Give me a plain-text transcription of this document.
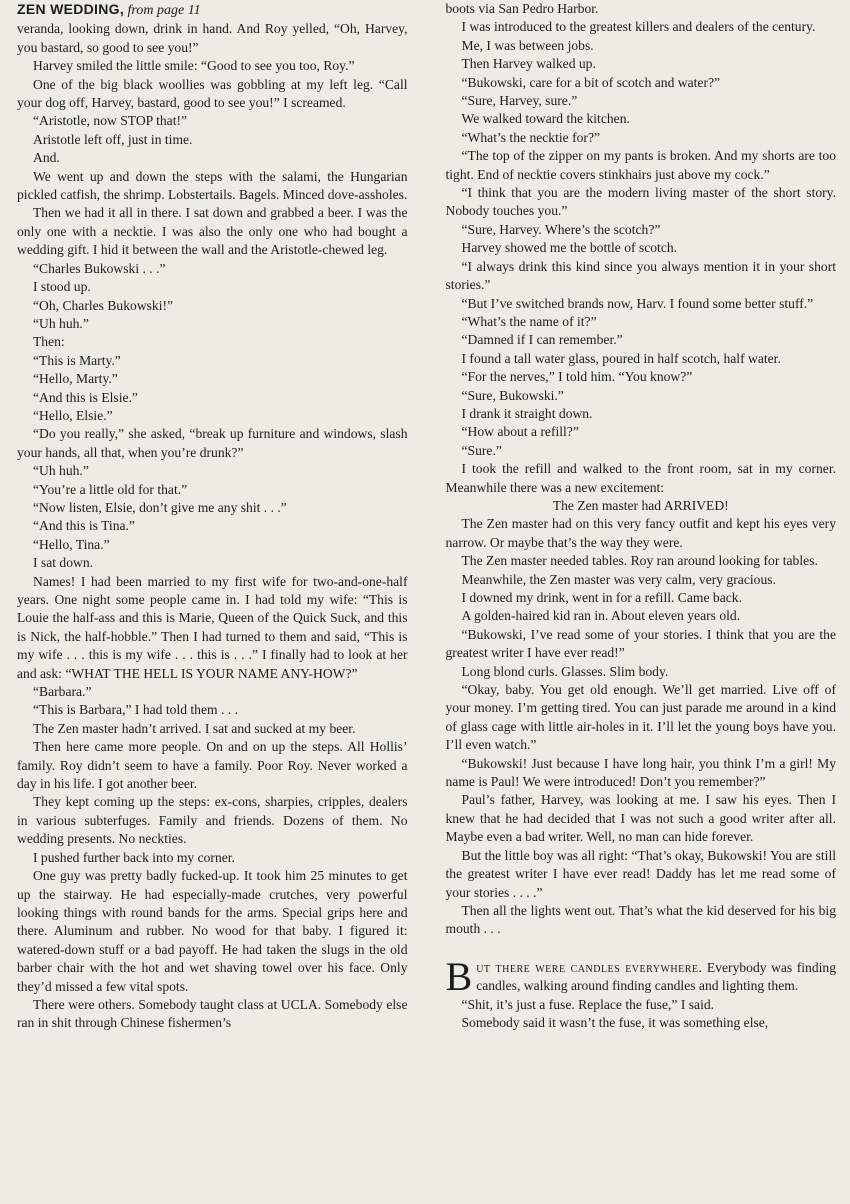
ZEN WEDDING, from page 11

veranda, looking down, drink in hand. And Roy yelled, “Oh, Harvey, you bastard, so good to see you!”

Harvey smiled the little smile: “Good to see you too, Roy.”

One of the big black woollies was gobbling at my left leg. “Call your dog off, Harvey, bastard, good to see you!” I screamed.

“Aristotle, now STOP that!”

Aristotle left off, just in time.

And.

We went up and down the steps with the salami, the Hungarian pickled catfish, the shrimp. Lobstertails. Bagels. Minced dove-assholes.

Then we had it all in there. I sat down and grabbed a beer. I was the only one with a necktie. I was also the only one who had bought a wedding gift. I hid it between the wall and the Aristotle-chewed leg.

“Charles Bukowski . . .”

I stood up.

“Oh, Charles Bukowski!”

“Uh huh.”

Then:

“This is Marty.”

“Hello, Marty.”

“And this is Elsie.”

“Hello, Elsie.”

“Do you really,” she asked, “break up furniture and windows, slash your hands, all that, when you’re drunk?”

“Uh huh.”

“You’re a little old for that.”

“Now listen, Elsie, don’t give me any shit . . .”

“And this is Tina.”

“Hello, Tina.”

I sat down.

Names! I had been married to my first wife for two-and-one-half years. One night some people came in. I had told my wife: “This is Louie the half-ass and this is Marie, Queen of the Quick Suck, and this is Nick, the half-hobble.” Then I had turned to them and said, “This is my wife . . . this is my wife . . . this is . . .” I finally had to look at her and ask: “WHAT THE HELL IS YOUR NAME ANY-HOW?”

“Barbara.”

“This is Barbara,” I had told them . . .

The Zen master hadn’t arrived. I sat and sucked at my beer.

Then here came more people. On and on up the steps. All Hollis’ family. Roy didn’t seem to have a family. Poor Roy. Never worked a day in his life. I got another beer.

They kept coming up the steps: ex-cons, sharpies, cripples, dealers in various subterfuges. Family and friends. Dozens of them. No wedding presents. No neckties.

I pushed further back into my corner.

One guy was pretty badly fucked-up. It took him 25 minutes to get up the stairway. He had especially-made crutches, very powerful looking things with round bands for the arms. Special grips here and there. Aluminum and rubber. No wood for that baby. I figured it: watered-down stuff or a bad payoff. He had taken the slugs in the old barber chair with the hot and wet shaving towel over his face. Only they’d missed a few vital spots.

There were others. Somebody taught class at UCLA. Somebody else ran in shit through Chinese fishermen’s

boots via San Pedro Harbor.

I was introduced to the greatest killers and dealers of the century.

Me, I was between jobs.

Then Harvey walked up.

“Bukowski, care for a bit of scotch and water?”

“Sure, Harvey, sure.”

We walked toward the kitchen.

“What’s the necktie for?”

“The top of the zipper on my pants is broken. And my shorts are too tight. End of necktie covers stinkhairs just above my cock.”

“I think that you are the modern living master of the short story. Nobody touches you.”

“Sure, Harvey. Where’s the scotch?”

Harvey showed me the bottle of scotch.

“I always drink this kind since you always mention it in your short stories.”

“But I’ve switched brands now, Harv. I found some better stuff.”

“What’s the name of it?”

“Damned if I can remember.”

I found a tall water glass, poured in half scotch, half water.

“For the nerves,” I told him. “You know?”

“Sure, Bukowski.”

I drank it straight down.

“How about a refill?”

“Sure.”

I took the refill and walked to the front room, sat in my corner. Meanwhile there was a new excitement:

The Zen master had ARRIVED!

The Zen master had on this very fancy outfit and kept his eyes very narrow. Or maybe that’s the way they were.

The Zen master needed tables. Roy ran around looking for tables.

Meanwhile, the Zen master was very calm, very gracious.

I downed my drink, went in for a refill. Came back.

A golden-haired kid ran in. About eleven years old.

“Bukowski, I’ve read some of your stories. I think that you are the greatest writer I have ever read!”

Long blond curls. Glasses. Slim body.

“Okay, baby. You get old enough. We’ll get married. Live off of your money. I’m getting tired. You can just parade me around in a kind of glass cage with little air-holes in it. I’ll let the young boys have you. I’ll even watch.”

“Bukowski! Just because I have long hair, you think I’m a girl! My name is Paul! We were introduced! Don’t you remember?”

Paul’s father, Harvey, was looking at me. I saw his eyes. Then I knew that he had decided that I was not such a good writer after all. Maybe even a bad writer. Well, no man can hide forever.

But the little boy was all right: “That’s okay, Bukowski! You are still the greatest writer I have ever read! Daddy has let me read some of your stories . . . .”

Then all the lights went out. That’s what the kid deserved for his big mouth . . .

But there were candles everywhere. Everybody was finding candles, walking around finding candles and lighting them.

“Shit, it’s just a fuse. Replace the fuse,” I said.

Somebody said it wasn’t the fuse, it was something else,
